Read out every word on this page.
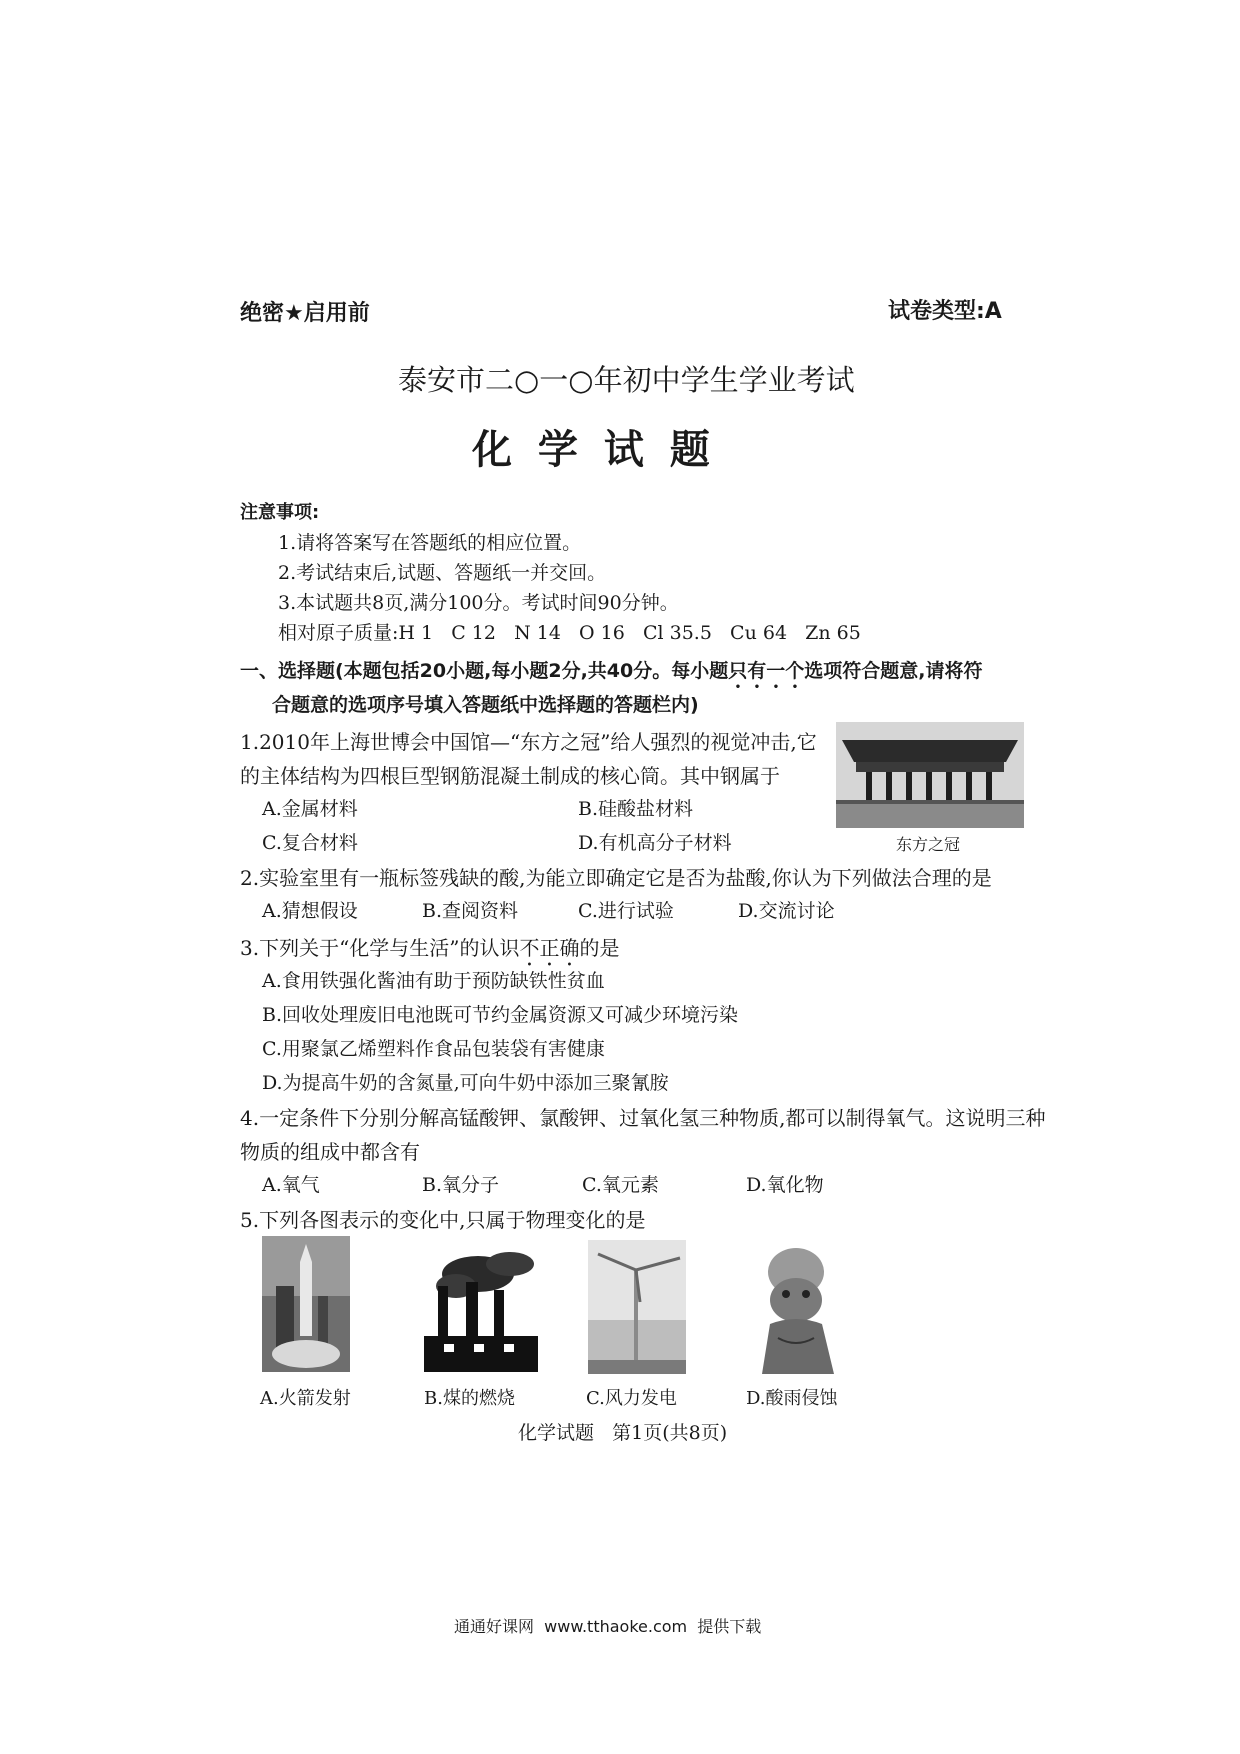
绝密★启用前	试卷类型:A
泰安市二○一○年初中学生学业考试
化 学 试 题
注意事项:
1.请将答案写在答题纸的相应位置。
2.考试结束后,试题、答题纸一并交回。
3.本试题共8页,满分100分。考试时间90分钟。
相对原子质量:H 1   C 12   N 14   O 16   Cl 35.5   Cu 64   Zn 65
一、选择题(本题包括20小题,每小题2分,共40分。每小题只有一个选项符合题意,请将符
合题意的选项序号填入答题纸中选择题的答题栏内)
1.2010年上海世博会中国馆—“东方之冠”给人强烈的视觉冲击,它
的主体结构为四根巨型钢筋混凝土制成的核心筒。其中钢属于
A.金属材料	B.硅酸盐材料
C.复合材料	D.有机高分子材料	东方之冠
2.实验室里有一瓶标签残缺的酸,为能立即确定它是否为盐酸,你认为下列做法合理的是
A.猜想假设	B.查阅资料	C.进行试验	D.交流讨论
3.下列关于“化学与生活”的认识不正确的是
A.食用铁强化酱油有助于预防缺铁性贫血
B.回收处理废旧电池既可节约金属资源又可减少环境污染
C.用聚氯乙烯塑料作食品包装袋有害健康
D.为提高牛奶的含氮量,可向牛奶中添加三聚氰胺
4.一定条件下分别分解高锰酸钾、氯酸钾、过氧化氢三种物质,都可以制得氧气。这说明三种
物质的组成中都含有
A.氧气	B.氧分子	C.氧元素	D.氧化物
5.下列各图表示的变化中,只属于物理变化的是
A.火箭发射	B.煤的燃烧	C.风力发电	D.酸雨侵蚀
化学试题   第1页(共8页)
通通好课网  www.tthaoke.com  提供下载
